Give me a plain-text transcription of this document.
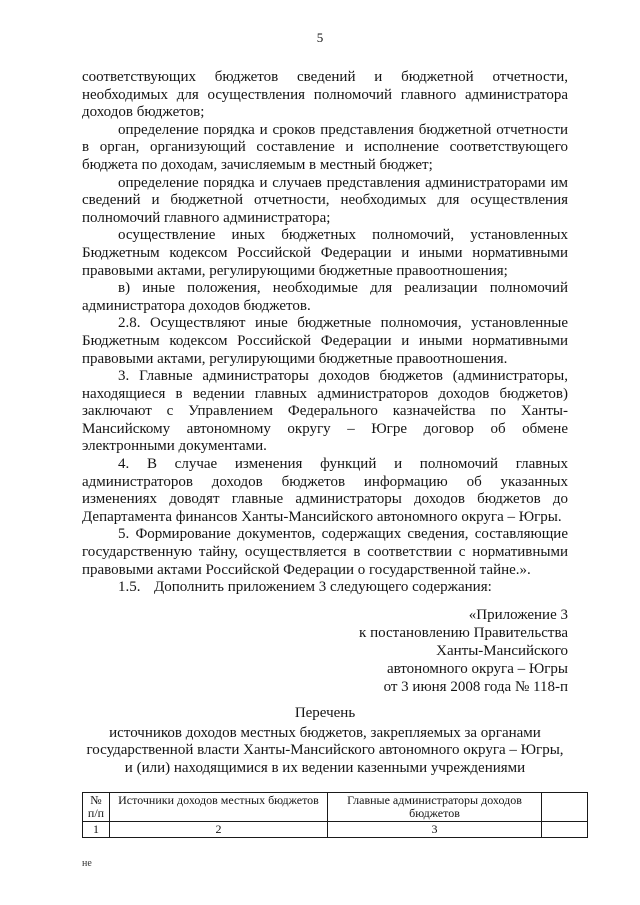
5

соответствующих бюджетов сведений и бюджетной отчетности, необходимых для осуществления полномочий главного администратора доходов бюджетов;

определение порядка и сроков представления бюджетной отчетности в орган, организующий составление и исполнение соответствующего бюджета по доходам, зачисляемым в местный бюджет;

определение порядка и случаев представления администраторами им сведений и бюджетной отчетности, необходимых для осуществления полномочий главного администратора;

осуществление иных бюджетных полномочий, установленных Бюджетным кодексом Российской Федерации и иными нормативными правовыми актами, регулирующими бюджетные правоотношения;

в) иные положения, необходимые для реализации полномочий администратора доходов бюджетов.

2.8. Осуществляют иные бюджетные полномочия, установленные Бюджетным кодексом Российской Федерации и иными нормативными правовыми актами, регулирующими бюджетные правоотношения.

3. Главные администраторы доходов бюджетов (администраторы, находящиеся в ведении главных администраторов доходов бюджетов) заключают с Управлением Федерального казначейства по Ханты-Мансийскому автономному округу – Югре договор об обмене электронными документами.

4. В случае изменения функций и полномочий главных администраторов доходов бюджетов информацию об указанных изменениях доводят главные администраторы доходов бюджетов до Департамента финансов Ханты-Мансийского автономного округа – Югры.

5. Формирование документов, содержащих сведения, составляющие государственную тайну, осуществляется в соответствии с нормативными правовыми актами Российской Федерации о государственной тайне.».

1.5. Дополнить приложением 3 следующего содержания:

«Приложение 3
к постановлению Правительства
Ханты-Мансийского
автономного округа – Югры
от 3 июня 2008 года № 118-п
Перечень
источников доходов местных бюджетов, закрепляемых за органами
государственной власти Ханты-Мансийского автономного округа – Югры,
и (или) находящимися в их ведении казенными учреждениями
№ п/п	Источники доходов местных бюджетов	Главные администраторы доходов бюджетов	
1	2	3	
не
